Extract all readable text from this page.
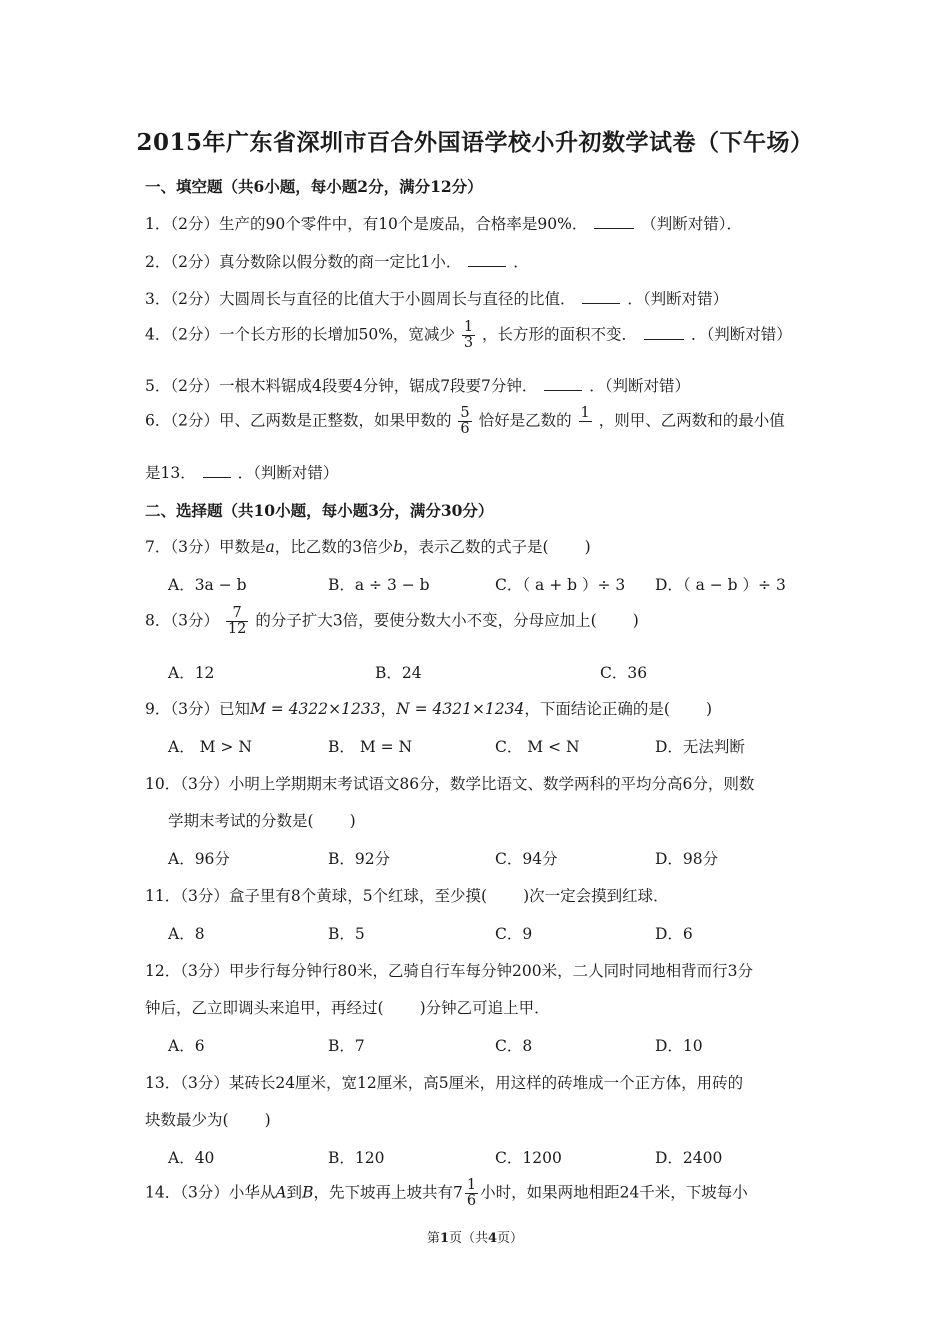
2015年广东省深圳市百合外国语学校小升初数学试卷（下午场）
一、填空题（共6小题，每小题2分，满分12分）
1．（2分）生产的90个零件中，有10个是废品，合格率是90%．	（判断对错）．
2．（2分）真分数除以假分数的商一定比1小．	．
3．（2分）大圆周长与直径的比值大于小圆周长与直径的比值．	．（判断对错）
4．（2分）一个长方形的长增加50%，宽减少 $\frac{1}{3}$ ，长方形的面积不变．	．（判断对错）
5．（2分）一根木料锯成4段要4分钟，锯成7段要7分钟．	．（判断对错）
6．（2分）甲、乙两数是正整数，如果甲数的 $\frac{5}{6}$ 恰好是乙数的 1
，则甲、乙两数和的最小值
是13．	．（判断对错）
二、选择题（共10小题，每小题3分，满分30分）
7．（3分）甲数是a，比乙数的3倍少b，表示乙数的式子是( )
A．3a − b	B．a ÷ 3 − b	C．（ a + b ）÷ 3 D．（ a − b ）÷ 3
8．（3分） $\frac{7}{12}$ 的分子扩大3倍，要使分数大小不变，分母应加上( )
A．12	B．24	C．36
9．（3分）已知M = 4322×1233，N = 4321×1234，下面结论正确的是( )
A． M > N	B． M = N	C． M < N	D．无法判断
10．（3分）小明上学期期末考试语文86分，数学比语文、数学两科的平均分高6分，则数
学期末考试的分数是( )
A．96分	B．92分	C．94分	D．98分
11．（3分）盒子里有8个黄球，5个红球，至少摸( )次一定会摸到红球．
A．8	B．5	C．9	D．6
12．（3分）甲步行每分钟行80米，乙骑自行车每分钟200米，二人同时同地相背而行3分
钟后，乙立即调头来追甲，再经过( )分钟乙可追上甲．
A．6	B．7	C．8	D．10
13．（3分）某砖长24厘米，宽12厘米，高5厘米，用这样的砖堆成一个正方体，用砖的
块数最少为( )
A．40	B．120	C．1200	D．2400
14．（3分）小华从A到B，先下坡再上坡共有$7 \frac{1}{6}$ 小时，如果两地相距24千米，下坡每小
第1页（共4页）
